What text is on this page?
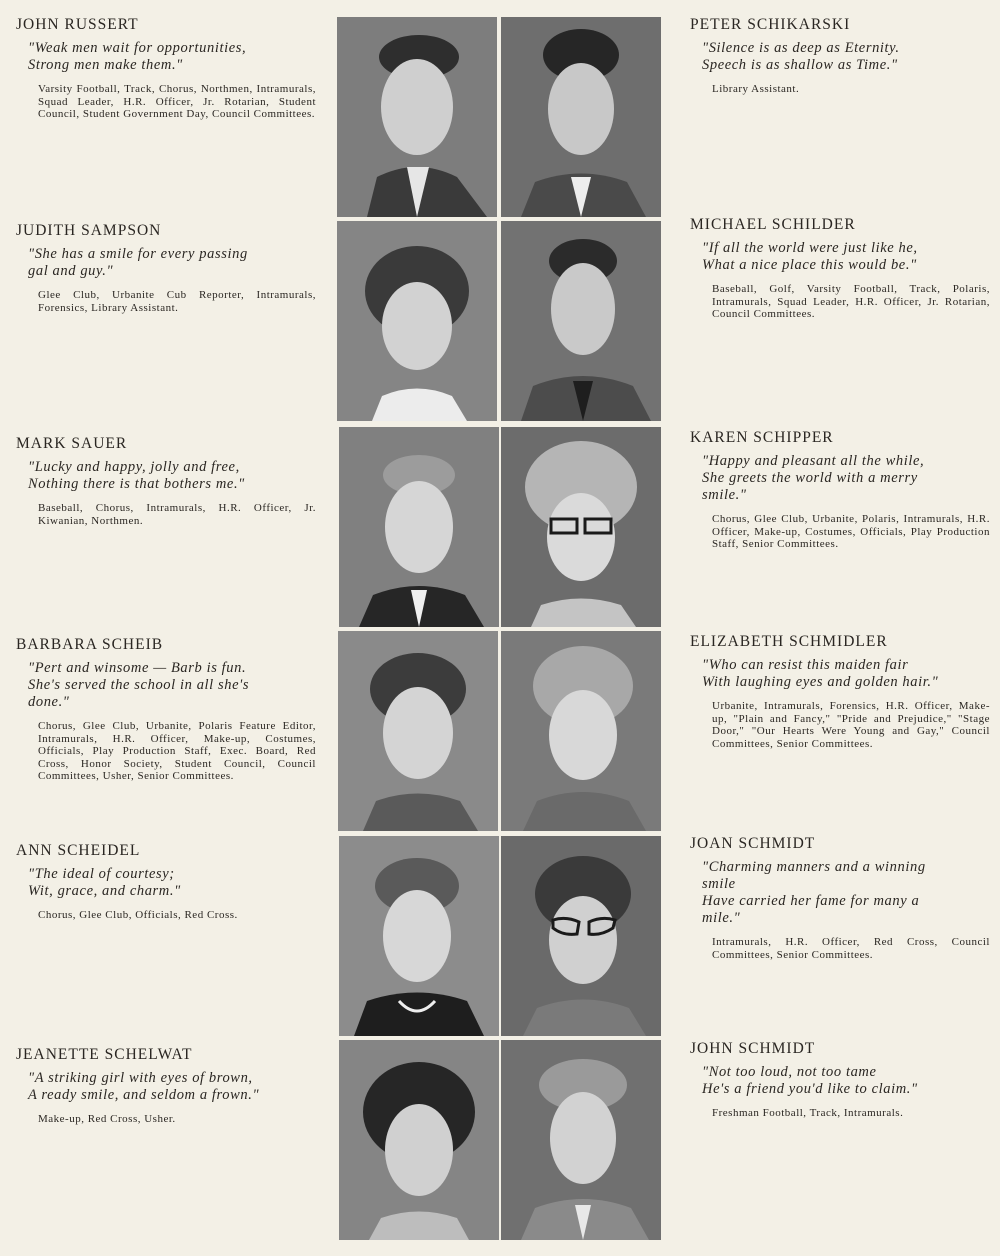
JOHN RUSSERT
"Weak men wait for opportunities,
Strong men make them."
Varsity Football, Track, Chorus, Northmen, Intramurals, Squad Leader, H.R. Officer, Jr. Rotarian, Student Council, Student Government Day, Council Committees.
PETER SCHIKARSKI
"Silence is as deep as Eternity.
Speech is as shallow as Time."
Library Assistant.
JUDITH SAMPSON
"She has a smile for every passing
gal and guy."
Glee Club, Urbanite Cub Reporter, Intramurals, Forensics, Library Assistant.
MICHAEL SCHILDER
"If all the world were just like he,
What a nice place this would be."
Baseball, Golf, Varsity Football, Track, Polaris, Intramurals, Squad Leader, H.R. Officer, Jr. Rotarian, Council Committees.
MARK SAUER
"Lucky and happy, jolly and free,
Nothing there is that bothers me."
Baseball, Chorus, Intramurals, H.R. Officer, Jr. Kiwanian, Northmen.
KAREN SCHIPPER
"Happy and pleasant all the while,
She greets the world with a merry
smile."
Chorus, Glee Club, Urbanite, Polaris, Intramurals, H.R. Officer, Make-up, Costumes, Officials, Play Production Staff, Senior Committees.
BARBARA SCHEIB
"Pert and winsome — Barb is fun.
She's served the school in all she's
done."
Chorus, Glee Club, Urbanite, Polaris Feature Editor, Intramurals, H.R. Officer, Make-up, Costumes, Officials, Play Production Staff, Exec. Board, Red Cross, Honor Society, Student Council, Council Committees, Usher, Senior Committees.
ELIZABETH SCHMIDLER
"Who can resist this maiden fair
With laughing eyes and golden hair."
Urbanite, Intramurals, Forensics, H.R. Officer, Make-up, "Plain and Fancy," "Pride and Prejudice," "Stage Door," "Our Hearts Were Young and Gay," Council Committees, Senior Committees.
ANN SCHEIDEL
"The ideal of courtesy;
Wit, grace, and charm."
Chorus, Glee Club, Officials, Red Cross.
JOAN SCHMIDT
"Charming manners and a winning
smile
Have carried her fame for many a
mile."
Intramurals, H.R. Officer, Red Cross, Council Committees, Senior Committees.
JEANETTE SCHELWAT
"A striking girl with eyes of brown,
A ready smile, and seldom a frown."
Make-up, Red Cross, Usher.
JOHN SCHMIDT
"Not too loud, not too tame
He's a friend you'd like to claim."
Freshman Football, Track, Intramurals.
